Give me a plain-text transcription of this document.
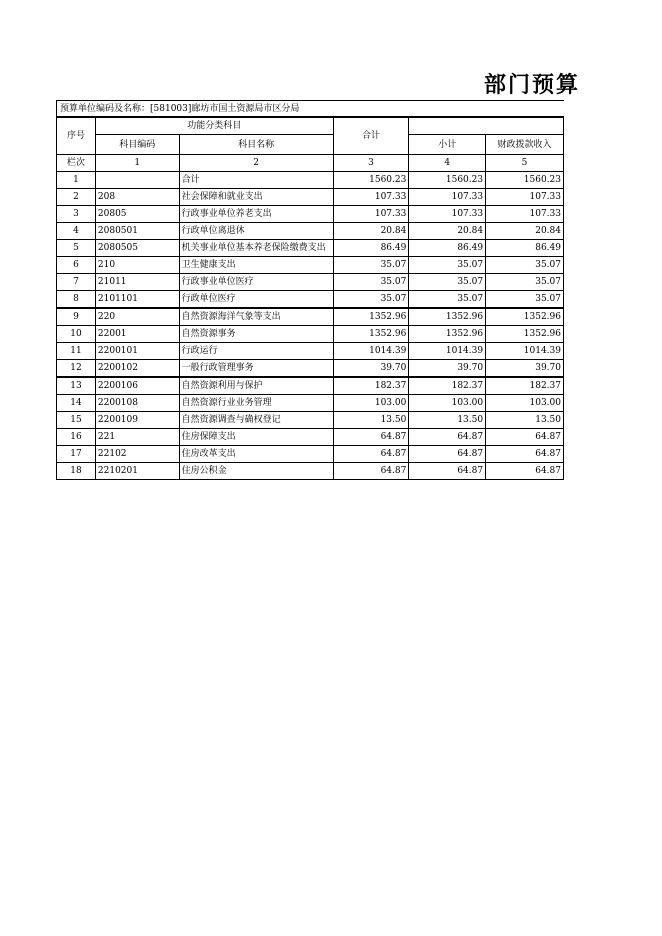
部门预算
预算单位编码及名称：[581003]廊坊市国土资源局市区分局
序号	功能分类科目		合计		
	科目编码	科目名称		小计	财政拨款收入
栏次	1	2	3	4	5
1		合计	1560.23	1560.23	1560.23
2	208	社会保障和就业支出	107.33	107.33	107.33
3	20805	行政事业单位养老支出	107.33	107.33	107.33
4	2080501	行政单位离退休	20.84	20.84	20.84
5	2080505	机关事业单位基本养老保险缴费支出	86.49	86.49	86.49
6	210	卫生健康支出	35.07	35.07	35.07
7	21011	行政事业单位医疗	35.07	35.07	35.07
8	2101101	行政单位医疗	35.07	35.07	35.07
9	220	自然资源海洋气象等支出	1352.96	1352.96	1352.96
10	22001	自然资源事务	1352.96	1352.96	1352.96
11	2200101	行政运行	1014.39	1014.39	1014.39
12	2200102	一般行政管理事务	39.70	39.70	39.70
13	2200106	自然资源利用与保护	182.37	182.37	182.37
14	2200108	自然资源行业业务管理	103.00	103.00	103.00
15	2200109	自然资源调查与确权登记	13.50	13.50	13.50
16	221	住房保障支出	64.87	64.87	64.87
17	22102	住房改革支出	64.87	64.87	64.87
18	2210201	住房公积金	64.87	64.87	64.87
